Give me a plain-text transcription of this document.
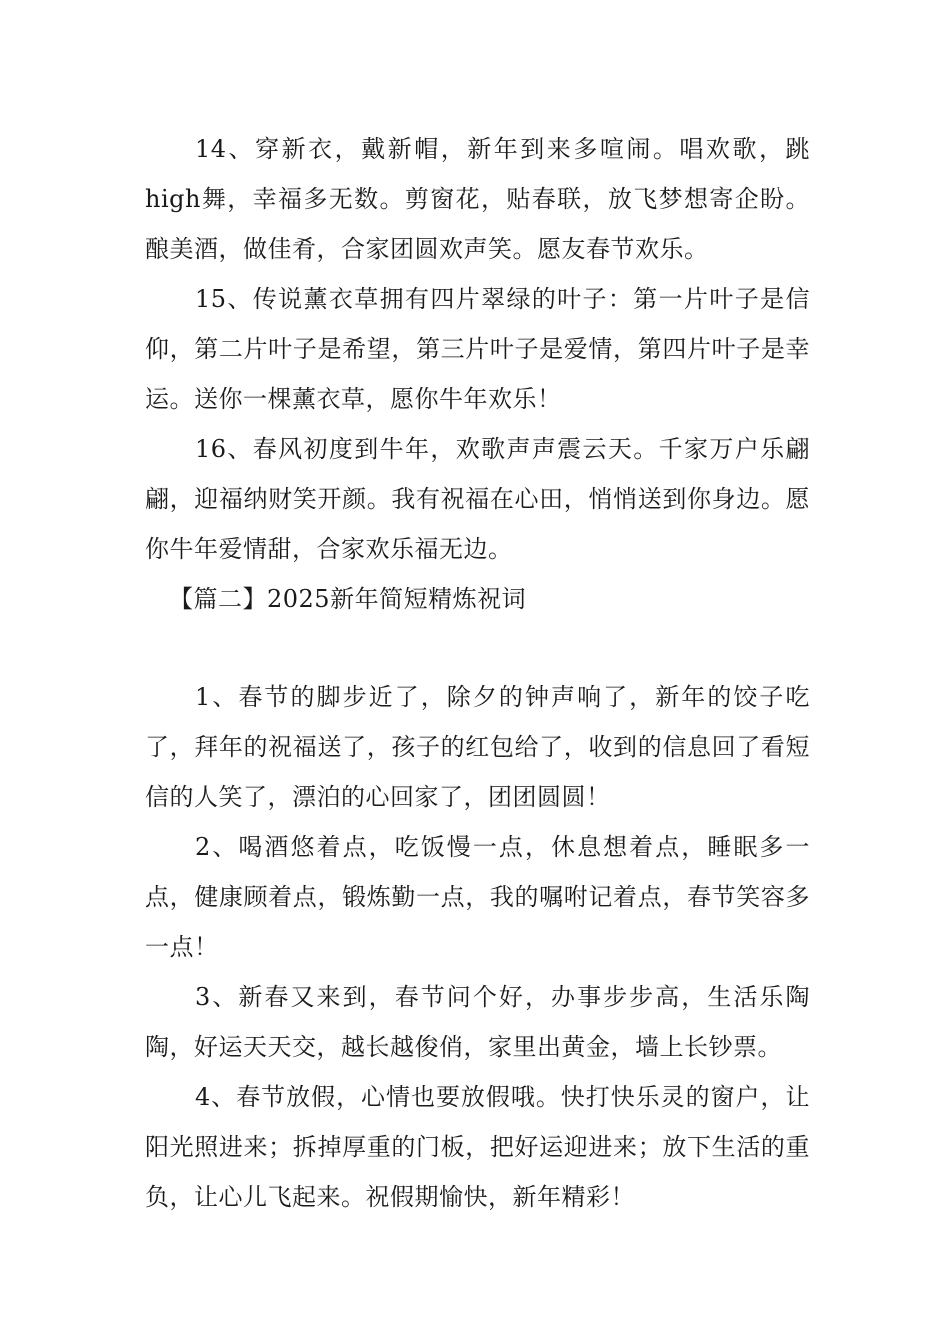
14、穿新衣，戴新帽，新年到来多喧闹。唱欢歌，跳high舞，幸福多无数。剪窗花，贴春联，放飞梦想寄企盼。酿美酒，做佳肴，合家团圆欢声笑。愿友春节欢乐。

15、传说薰衣草拥有四片翠绿的叶子：第一片叶子是信仰，第二片叶子是希望，第三片叶子是爱情，第四片叶子是幸运。送你一棵薰衣草，愿你牛年欢乐！

16、春风初度到牛年，欢歌声声震云天。千家万户乐翩翩，迎福纳财笑开颜。我有祝福在心田，悄悄送到你身边。愿你牛年爱情甜，合家欢乐福无边。

【篇二】2025新年简短精炼祝词

1、春节的脚步近了，除夕的钟声响了，新年的饺子吃了，拜年的祝福送了，孩子的红包给了，收到的信息回了看短信的人笑了，漂泊的心回家了，团团圆圆！

2、喝酒悠着点，吃饭慢一点，休息想着点，睡眠多一点，健康顾着点，锻炼勤一点，我的嘱咐记着点，春节笑容多一点！

3、新春又来到，春节问个好，办事步步高，生活乐陶陶，好运天天交，越长越俊俏，家里出黄金，墙上长钞票。

4、春节放假，心情也要放假哦。快打快乐灵的窗户，让阳光照进来；拆掉厚重的门板，把好运迎进来；放下生活的重负，让心儿飞起来。祝假期愉快，新年精彩！
